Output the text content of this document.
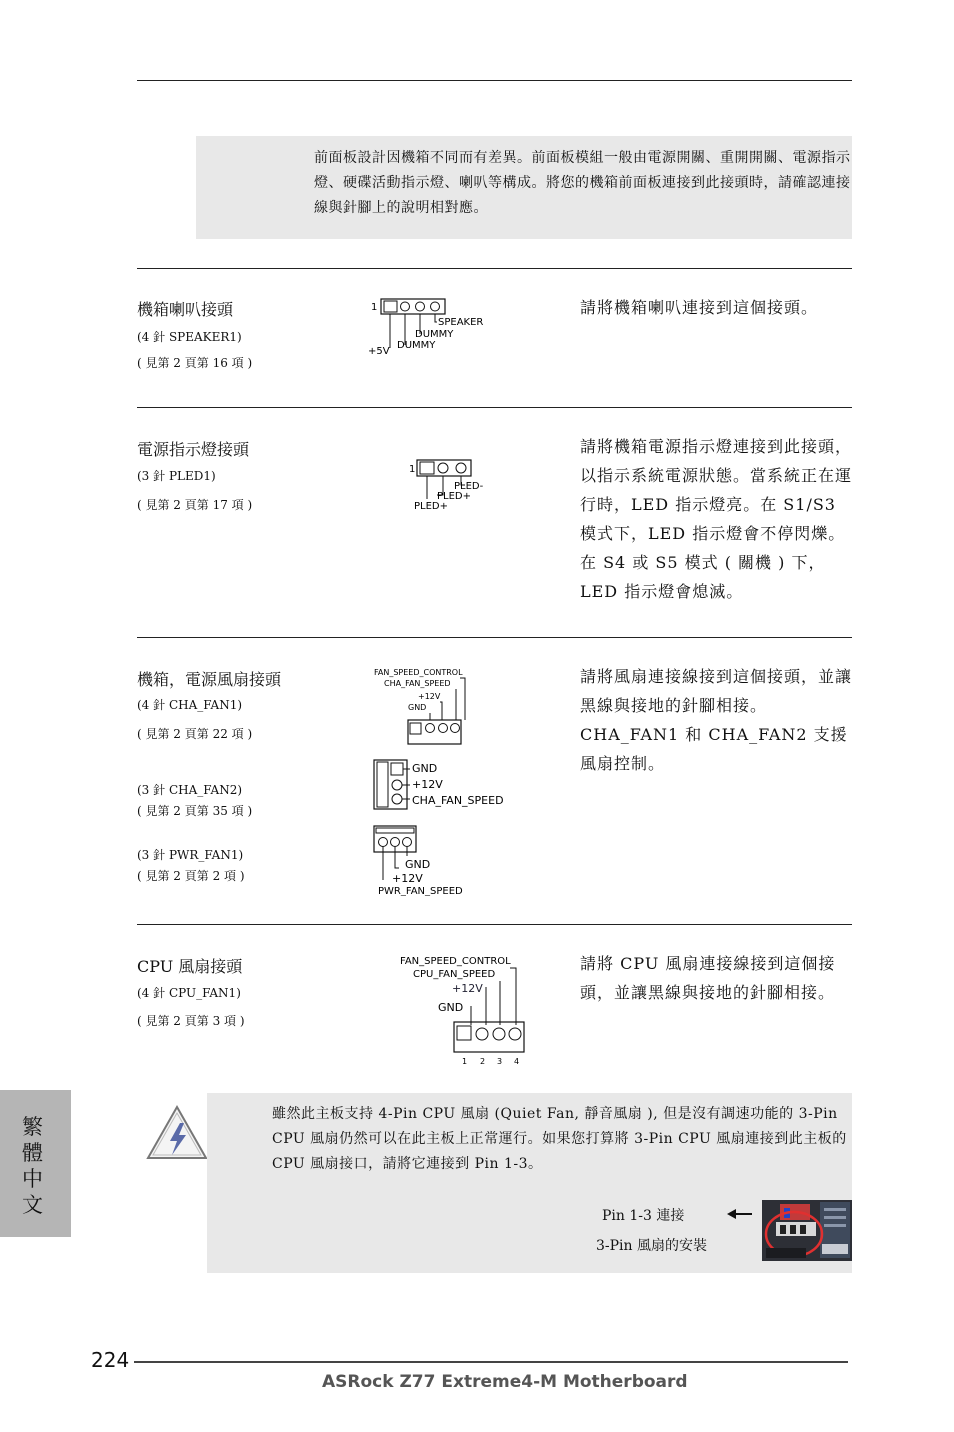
前面板設計因機箱不同而有差異。前面板模組一般由電源開關、重開開關、電源指示燈、硬碟活動指示燈、喇叭等構成。將您的機箱前面板連接到此接頭時，請確認連接線與針腳上的說明相對應。
機箱喇叭接頭
(4 針 SPEAKER1)
( 見第 2 頁第 16 項 )
請將機箱喇叭連接到這個接頭。
1
SPEAKER
DUMMY
DUMMY
+5V
電源指示燈接頭
(3 針 PLED1)
( 見第 2 頁第 17 項 )
請將機箱電源指示燈連接到此接頭，以指示系統電源狀態。當系統正在運行時，LED 指示燈亮。在 S1/S3 模式下，LED 指示燈會不停閃爍。在 S4 或 S5 模式 ( 關機 ) 下，LED 指示燈會熄滅。
1
PLED-
PLED+
PLED+
機箱，電源風扇接頭
(4 針 CHA_FAN1)
( 見第 2 頁第 22 項 )
(3 針 CHA_FAN2)
( 見第 2 頁第 35 項 )
(3 針 PWR_FAN1)
( 見第 2 頁第 2 項 )
請將風扇連接線接到這個接頭，並讓黑線與接地的針腳相接。CHA_FAN1 和 CHA_FAN2 支援風扇控制。
FAN_SPEED_CONTROL
CHA_FAN_SPEED
+12V
GND
GND
+12V
CHA_FAN_SPEED
GND
+12V
PWR_FAN_SPEED
CPU 風扇接頭
(4 針 CPU_FAN1)
( 見第 2 頁第 3 項 )
請將 CPU 風扇連接線接到這個接頭，並讓黑線與接地的針腳相接。
FAN_SPEED_CONTROL
CPU_FAN_SPEED
+12V
GND
1 2 3 4
雖然此主板支持 4-Pin CPU 風扇 (Quiet Fan, 靜音風扇 ), 但是沒有調速功能的 3-Pin CPU 風扇仍然可以在此主板上正常運行。如果您打算將 3-Pin CPU 風扇連接到此主板的 CPU 風扇接口，請將它連接到 Pin 1-3。
Pin 1-3 連接
3-Pin 風扇的安裝
繁體中文
224
ASRock Z77 Extreme4-M Motherboard
